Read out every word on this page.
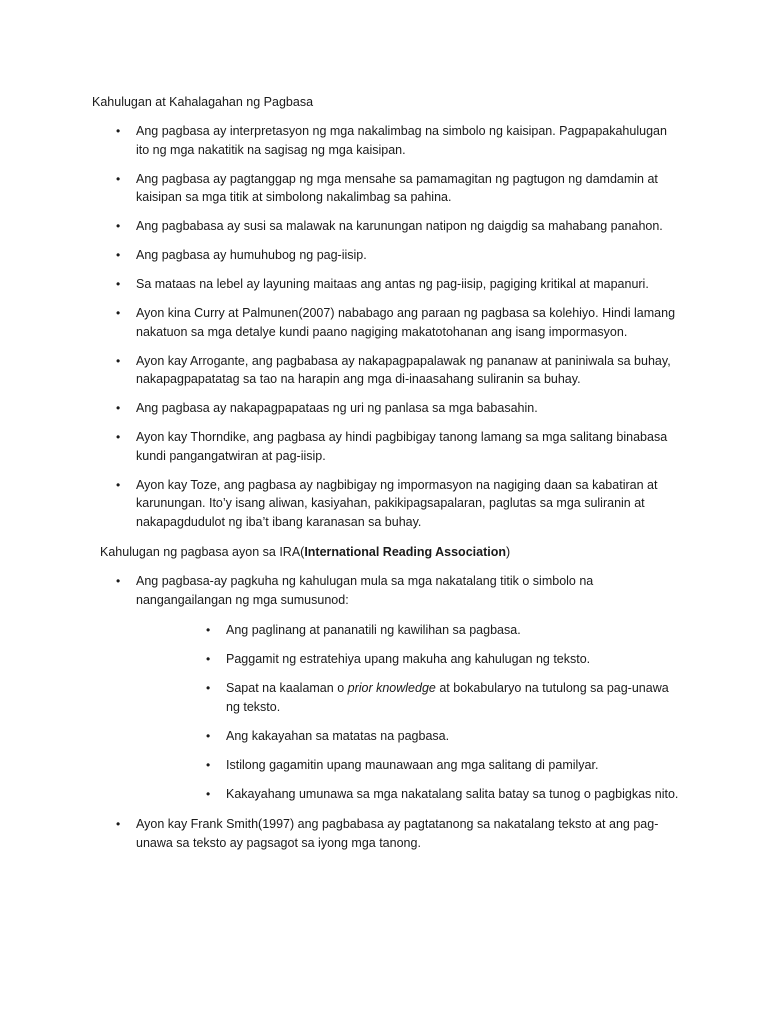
Kahulugan at Kahalagahan ng Pagbasa
• Ang pagbasa ay interpretasyon ng mga nakalimbag na simbolo ng kaisipan. Pagpapakahulugan ito ng mga nakatitik na sagisag ng mga kaisipan.
• Ang pagbasa ay pagtanggap ng mga mensahe sa pamamagitan ng pagtugon ng damdamin at kaisipan sa mga titik at simbolong nakalimbag sa pahina.
• Ang pagbabasa ay susi sa malawak na karunungan natipon ng daigdig sa mahabang panahon.
• Ang pagbasa ay humuhubog ng pag-iisip.
• Sa mataas na lebel ay layuning maitaas ang antas ng pag-iisip, pagiging kritikal at mapanuri.
• Ayon kina Curry at Palmunen(2007) nababago ang paraan ng pagbasa sa kolehiyo. Hindi lamang nakatuon sa mga detalye kundi paano nagiging makatotohanan ang isang impormasyon.
• Ayon kay Arrogante, ang pagbabasa ay nakapagpapalawak ng pananaw at paniniwala sa buhay, nakapagpapatatag sa tao na harapin ang mga di-inaasahang suliranin sa buhay.
• Ang pagbasa ay nakapagpapataas ng uri ng panlasa sa mga babasahin.
• Ayon kay Thorndike, ang pagbasa ay hindi pagbibigay tanong lamang sa mga salitang binabasa kundi pangangatwiran at pag-iisip.
• Ayon kay Toze, ang pagbasa ay nagbibigay ng impormasyon na nagiging daan sa kabatiran at karunungan. Ito’y isang aliwan, kasiyahan, pakikipagsapalaran, paglutas sa mga suliranin at nakapagdudulot ng iba’t ibang karanasan sa buhay.
Kahulugan ng pagbasa ayon sa IRA(International Reading Association)
• Ang pagbasa-ay pagkuha ng kahulugan mula sa mga nakatalang titik o simbolo na nangangailangan ng mga sumusunod:
• Ang paglinang at pananatili ng kawilihan sa pagbasa.
• Paggamit ng estratehiya upang makuha ang kahulugan ng teksto.
• Sapat na kaalaman o prior knowledge at bokabularyo na tutulong sa pag-unawa ng teksto.
• Ang kakayahan sa matatas na pagbasa.
• Istilong gagamitin upang maunawaan ang mga salitang di pamilyar.
• Kakayahang umunawa sa mga nakatalang salita batay sa tunog o pagbigkas nito.
• Ayon kay Frank Smith(1997) ang pagbabasa ay pagtatanong sa nakatalang teksto at ang pag-unawa sa teksto ay pagsagot sa iyong mga tanong.
